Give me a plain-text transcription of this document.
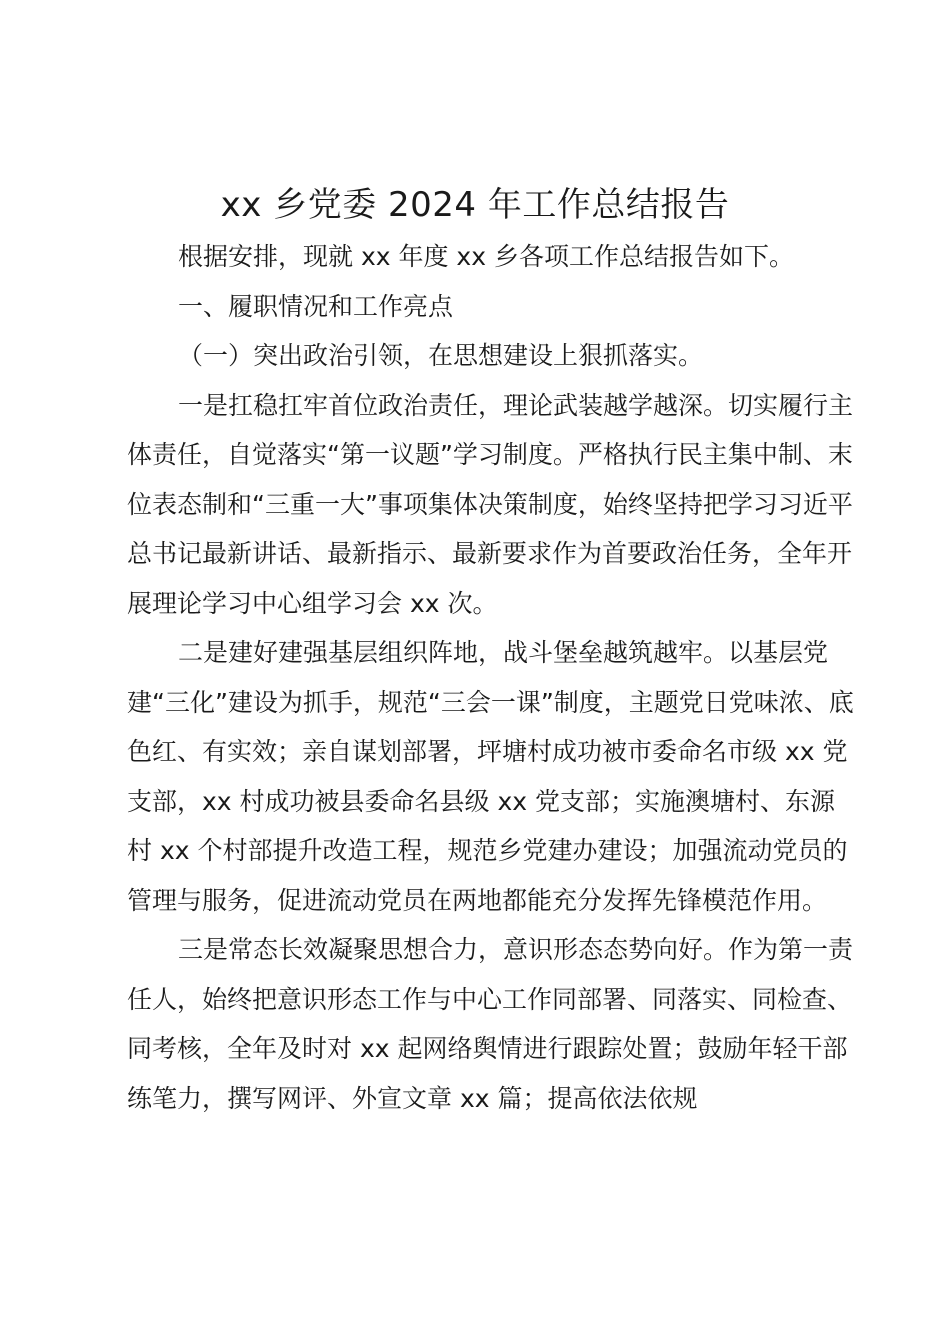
xx 乡党委 2024 年工作总结报告

根据安排，现就 xx 年度 xx 乡各项工作总结报告如下。

一、履职情况和工作亮点

（一）突出政治引领，在思想建设上狠抓落实。

一是扛稳扛牢首位政治责任，理论武装越学越深。切实履行主体责任，自觉落实“第一议题”学习制度。严格执行民主集中制、末位表态制和“三重一大”事项集体决策制度，始终坚持把学习习近平总书记最新讲话、最新指示、最新要求作为首要政治任务，全年开展理论学习中心组学习会 xx 次。

二是建好建强基层组织阵地，战斗堡垒越筑越牢。以基层党建“三化”建设为抓手，规范“三会一课”制度，主题党日党味浓、底色红、有实效；亲自谋划部署，坪塘村成功被市委命名市级 xx 党支部，xx 村成功被县委命名县级 xx 党支部；实施澳塘村、东源村 xx 个村部提升改造工程，规范乡党建办建设；加强流动党员的管理与服务，促进流动党员在两地都能充分发挥先锋模范作用。

三是常态长效凝聚思想合力，意识形态态势向好。作为第一责任人，始终把意识形态工作与中心工作同部署、同落实、同检查、同考核，全年及时对 xx 起网络舆情进行跟踪处置；鼓励年轻干部练笔力，撰写网评、外宣文章 xx 篇；提高依法依规
